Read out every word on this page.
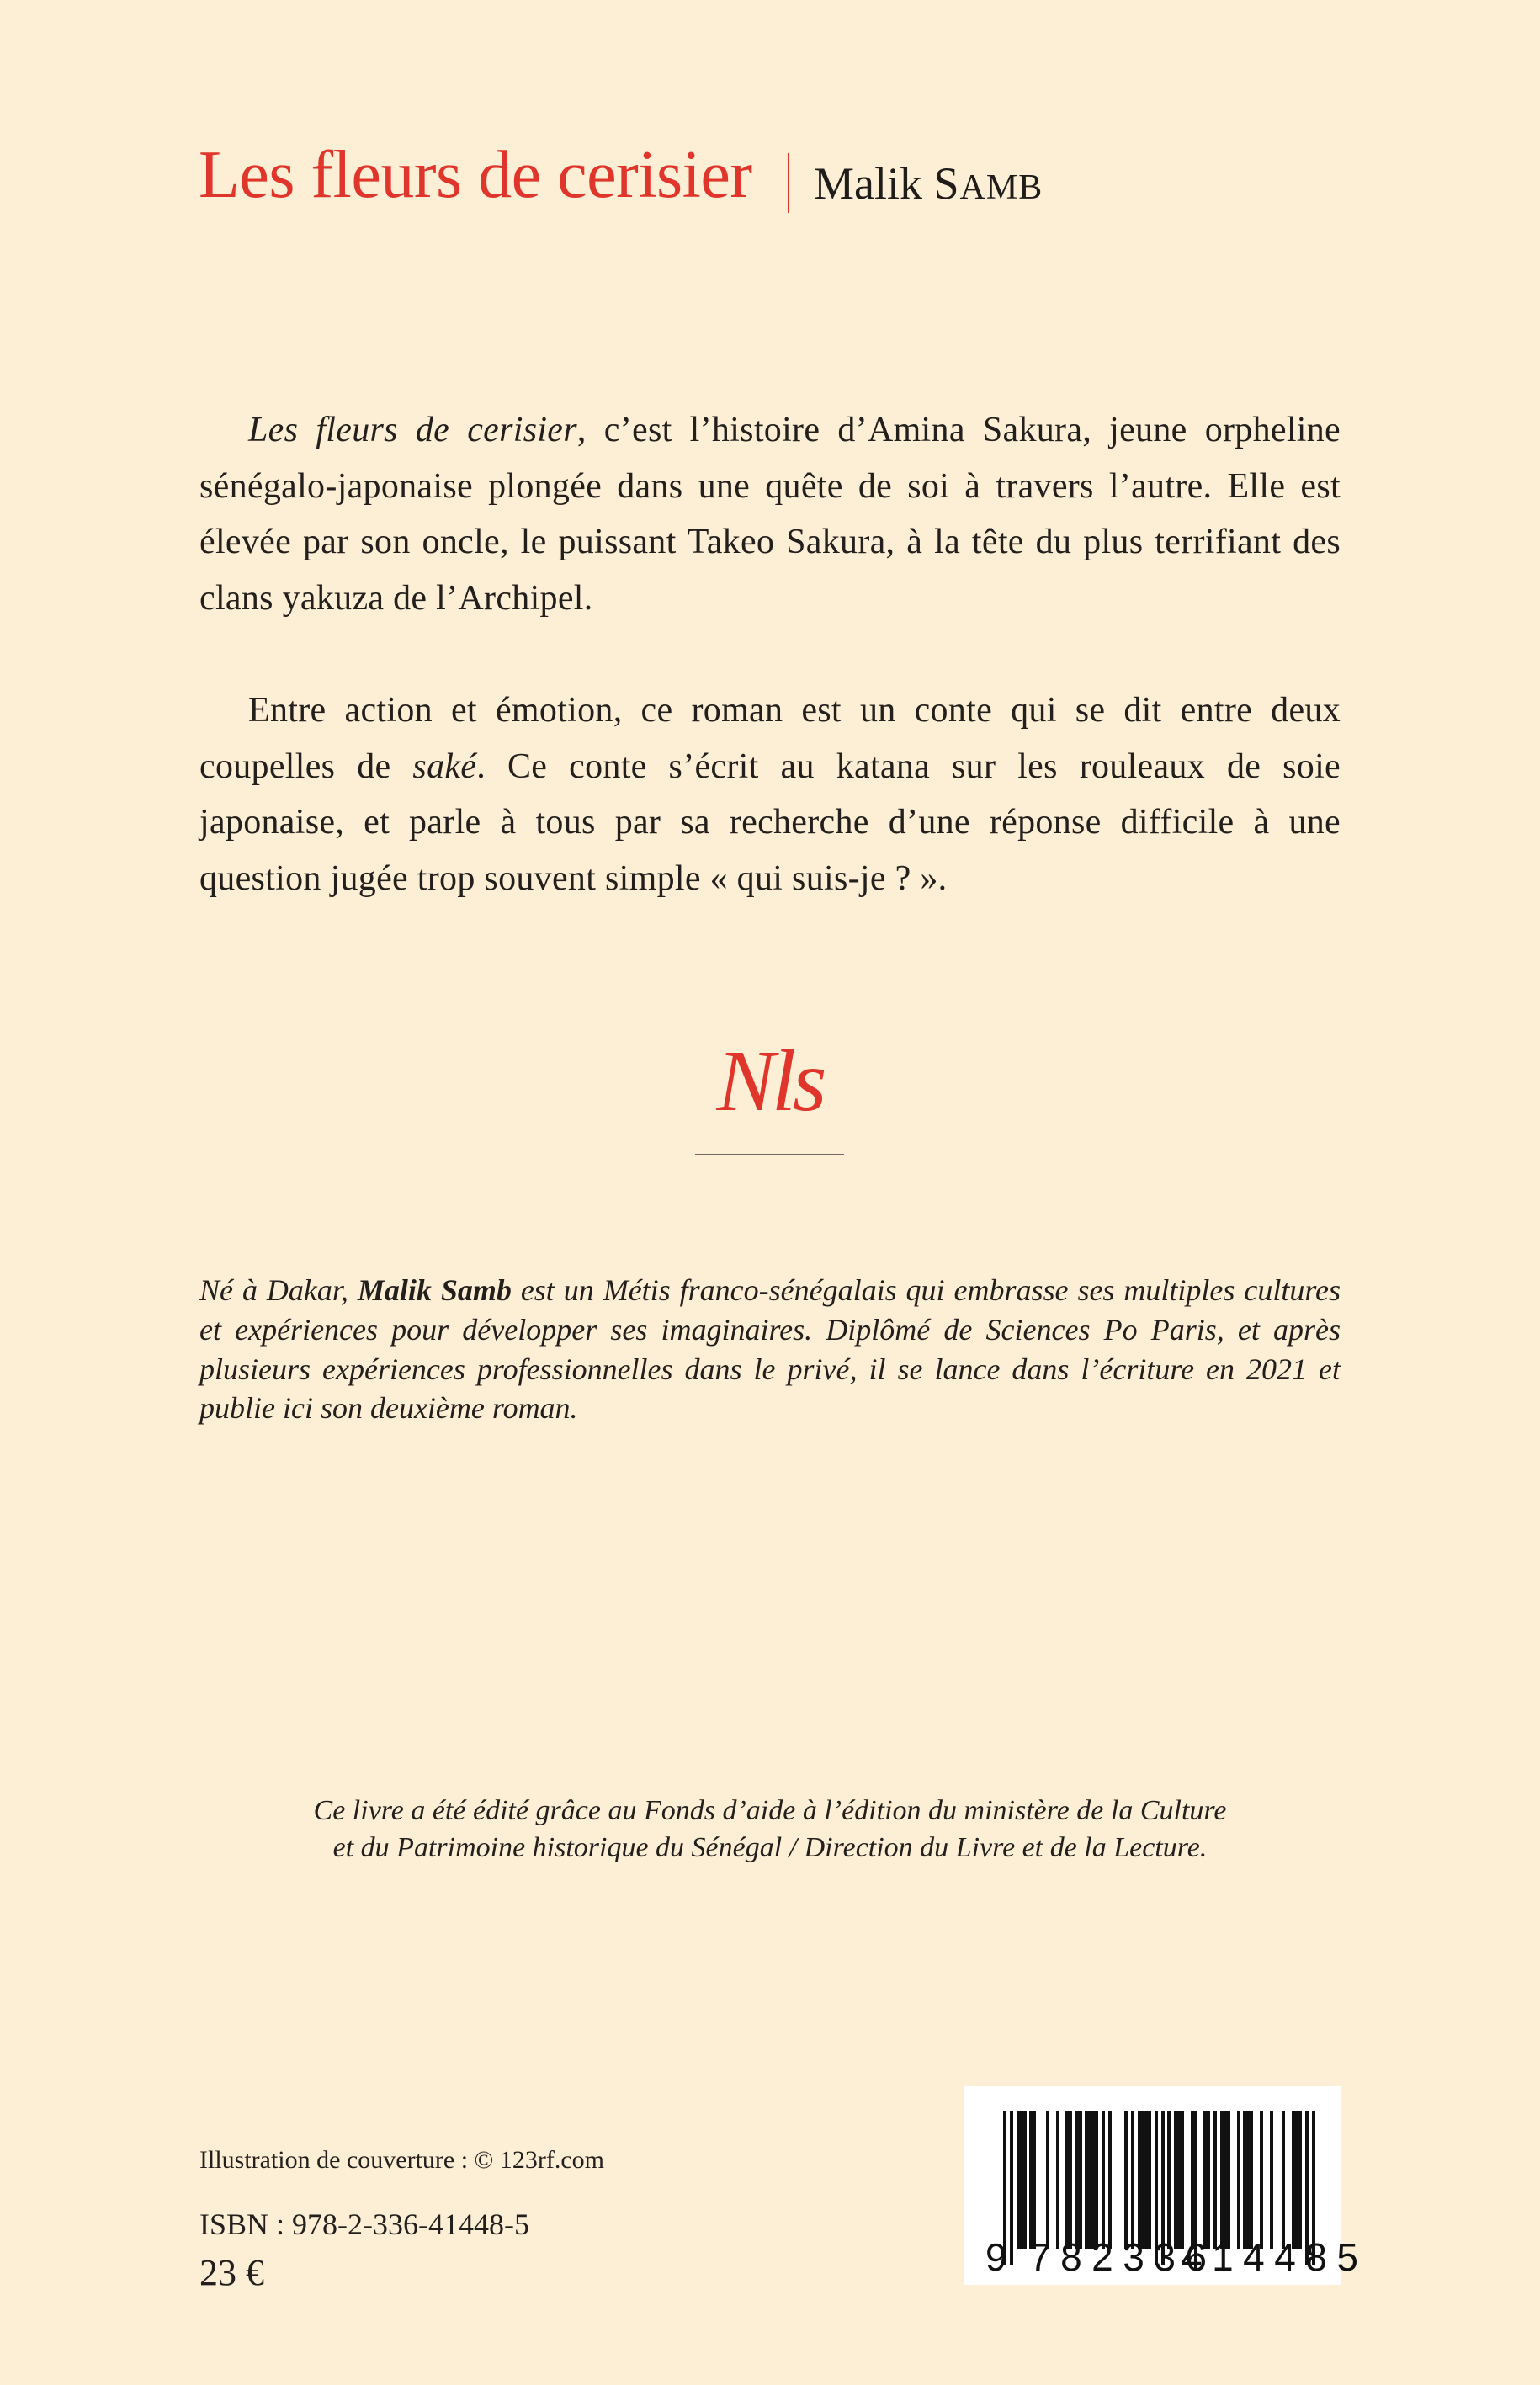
Les fleurs de cerisier Malik SAMB

Les fleurs de cerisier, c’est l’histoire d’Amina Sakura, jeune orpheline sénégalo-japonaise plongée dans une quête de soi à travers l’autre. Elle est élevée par son oncle, le puissant Takeo Sakura, à la tête du plus terrifiant des clans yakuza de l’Archipel.

Entre action et émotion, ce roman est un conte qui se dit entre deux coupelles de saké. Ce conte s’écrit au katana sur les rouleaux de soie japonaise, et parle à tous par sa recherche d’une réponse difficile à une question jugée trop souvent simple « qui suis-je ? ».

Nls

Né à Dakar, Malik Samb est un Métis franco-sénégalais qui embrasse ses multiples cultures et expériences pour développer ses imaginaires. Diplômé de Sciences Po Paris, et après plusieurs expériences professionnelles dans le privé, il se lance dans l’écriture en 2021 et publie ici son deuxième roman.

Ce livre a été édité grâce au Fonds d’aide à l’édition du ministère de la Culture
et du Patrimoine historique du Sénégal / Direction du Livre et de la Lecture.
Illustration de couverture : © 123rf.com
ISBN : 978-2-336-41448-5
23 €	9 782336
414485
